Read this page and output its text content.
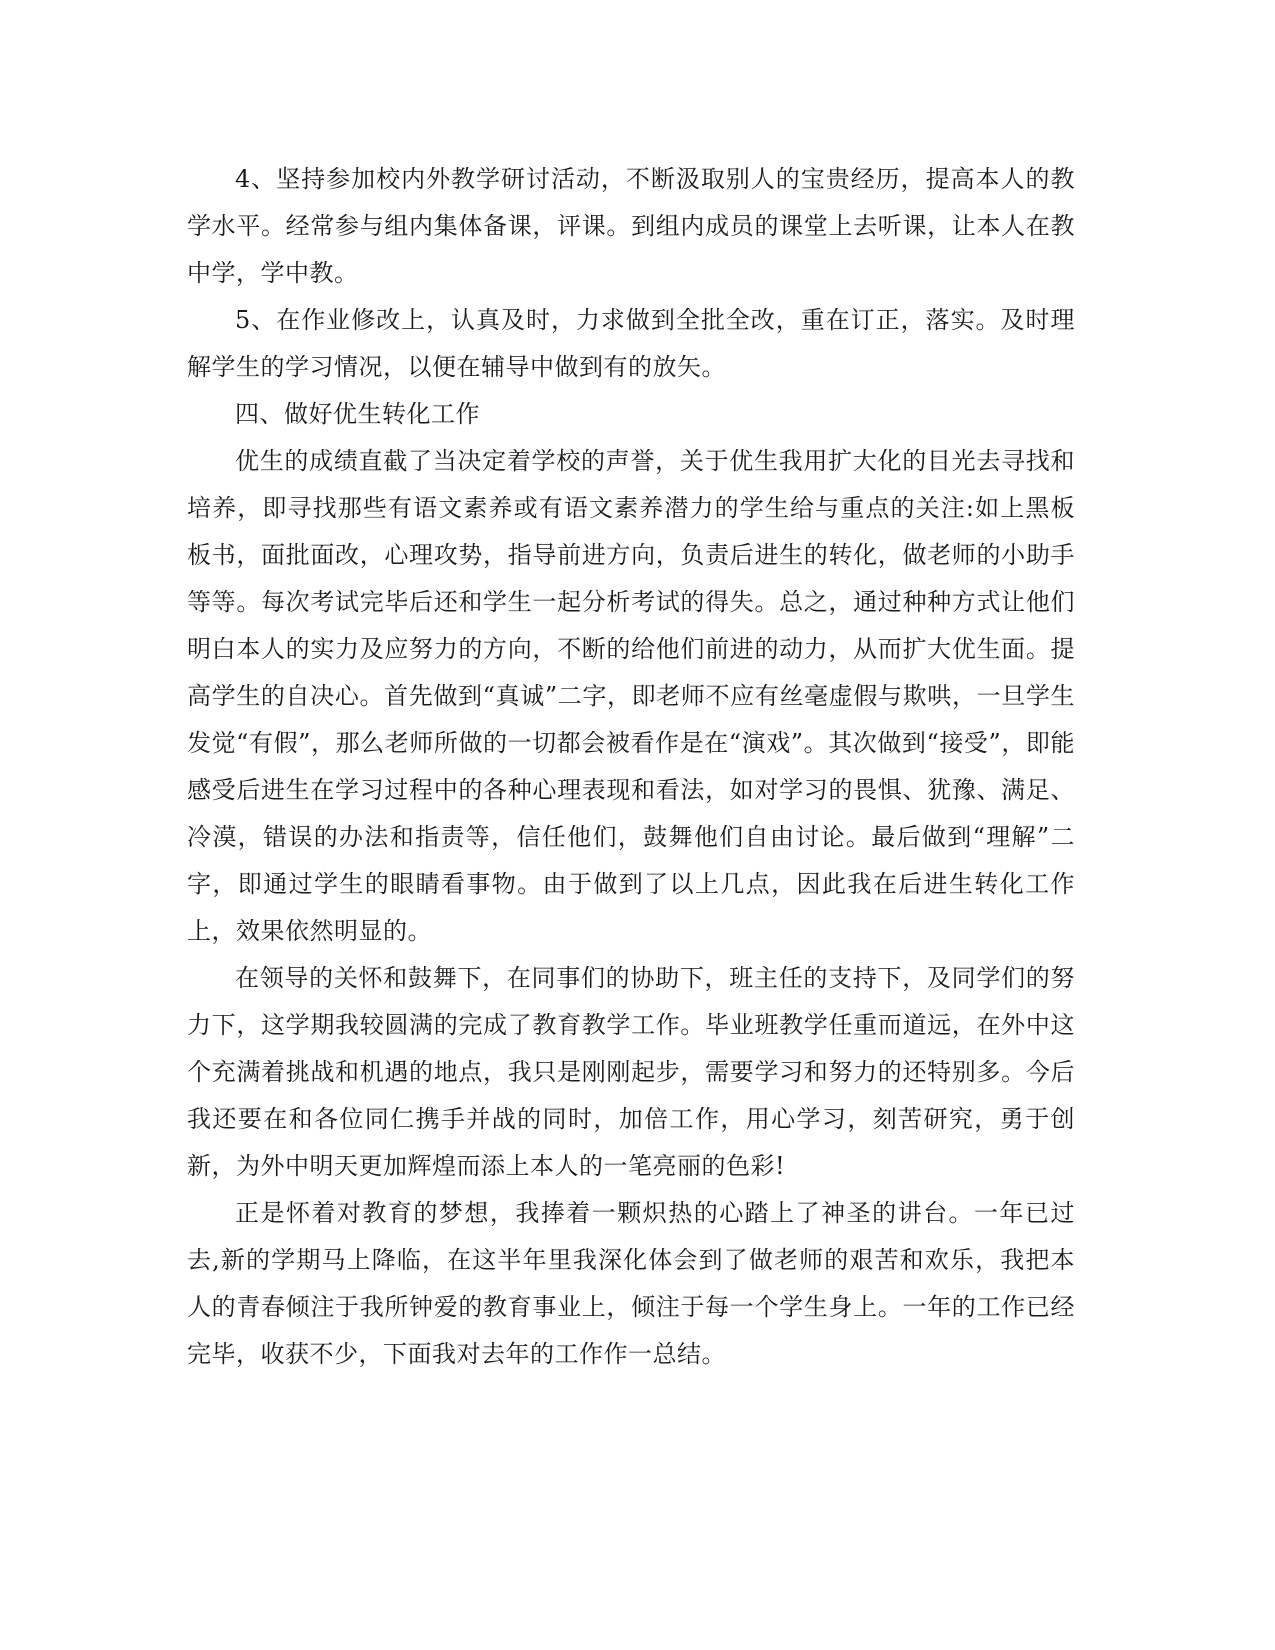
4、坚持参加校内外教学研讨活动，不断汲取别人的宝贵经历，提高本人的教学水平。经常参与组内集体备课，评课。到组内成员的课堂上去听课，让本人在教中学，学中教。

5、在作业修改上，认真及时，力求做到全批全改，重在订正，落实。及时理解学生的学习情况，以便在辅导中做到有的放矢。

四、做好优生转化工作

优生的成绩直截了当决定着学校的声誉，关于优生我用扩大化的目光去寻找和培养，即寻找那些有语文素养或有语文素养潜力的学生给与重点的关注:如上黑板板书，面批面改，心理攻势，指导前进方向，负责后进生的转化，做老师的小助手等等。每次考试完毕后还和学生一起分析考试的得失。总之，通过种种方式让他们明白本人的实力及应努力的方向，不断的给他们前进的动力，从而扩大优生面。提高学生的自决心。首先做到“真诚”二字，即老师不应有丝毫虚假与欺哄，一旦学生发觉“有假”，那么老师所做的一切都会被看作是在“演戏”。其次做到“接受”，即能感受后进生在学习过程中的各种心理表现和看法，如对学习的畏惧、犹豫、满足、冷漠，错误的办法和指责等，信任他们，鼓舞他们自由讨论。最后做到“理解”二字，即通过学生的眼睛看事物。由于做到了以上几点，因此我在后进生转化工作上，效果依然明显的。

在领导的关怀和鼓舞下，在同事们的协助下，班主任的支持下，及同学们的努力下，这学期我较圆满的完成了教育教学工作。毕业班教学任重而道远，在外中这个充满着挑战和机遇的地点，我只是刚刚起步，需要学习和努力的还特别多。今后我还要在和各位同仁携手并战的同时，加倍工作，用心学习，刻苦研究，勇于创新，为外中明天更加辉煌而添上本人的一笔亮丽的色彩!

正是怀着对教育的梦想，我捧着一颗炽热的心踏上了神圣的讲台。一年已过去,新的学期马上降临，在这半年里我深化体会到了做老师的艰苦和欢乐，我把本人的青春倾注于我所钟爱的教育事业上，倾注于每一个学生身上。一年的工作已经完毕，收获不少，下面我对去年的工作作一总结。
